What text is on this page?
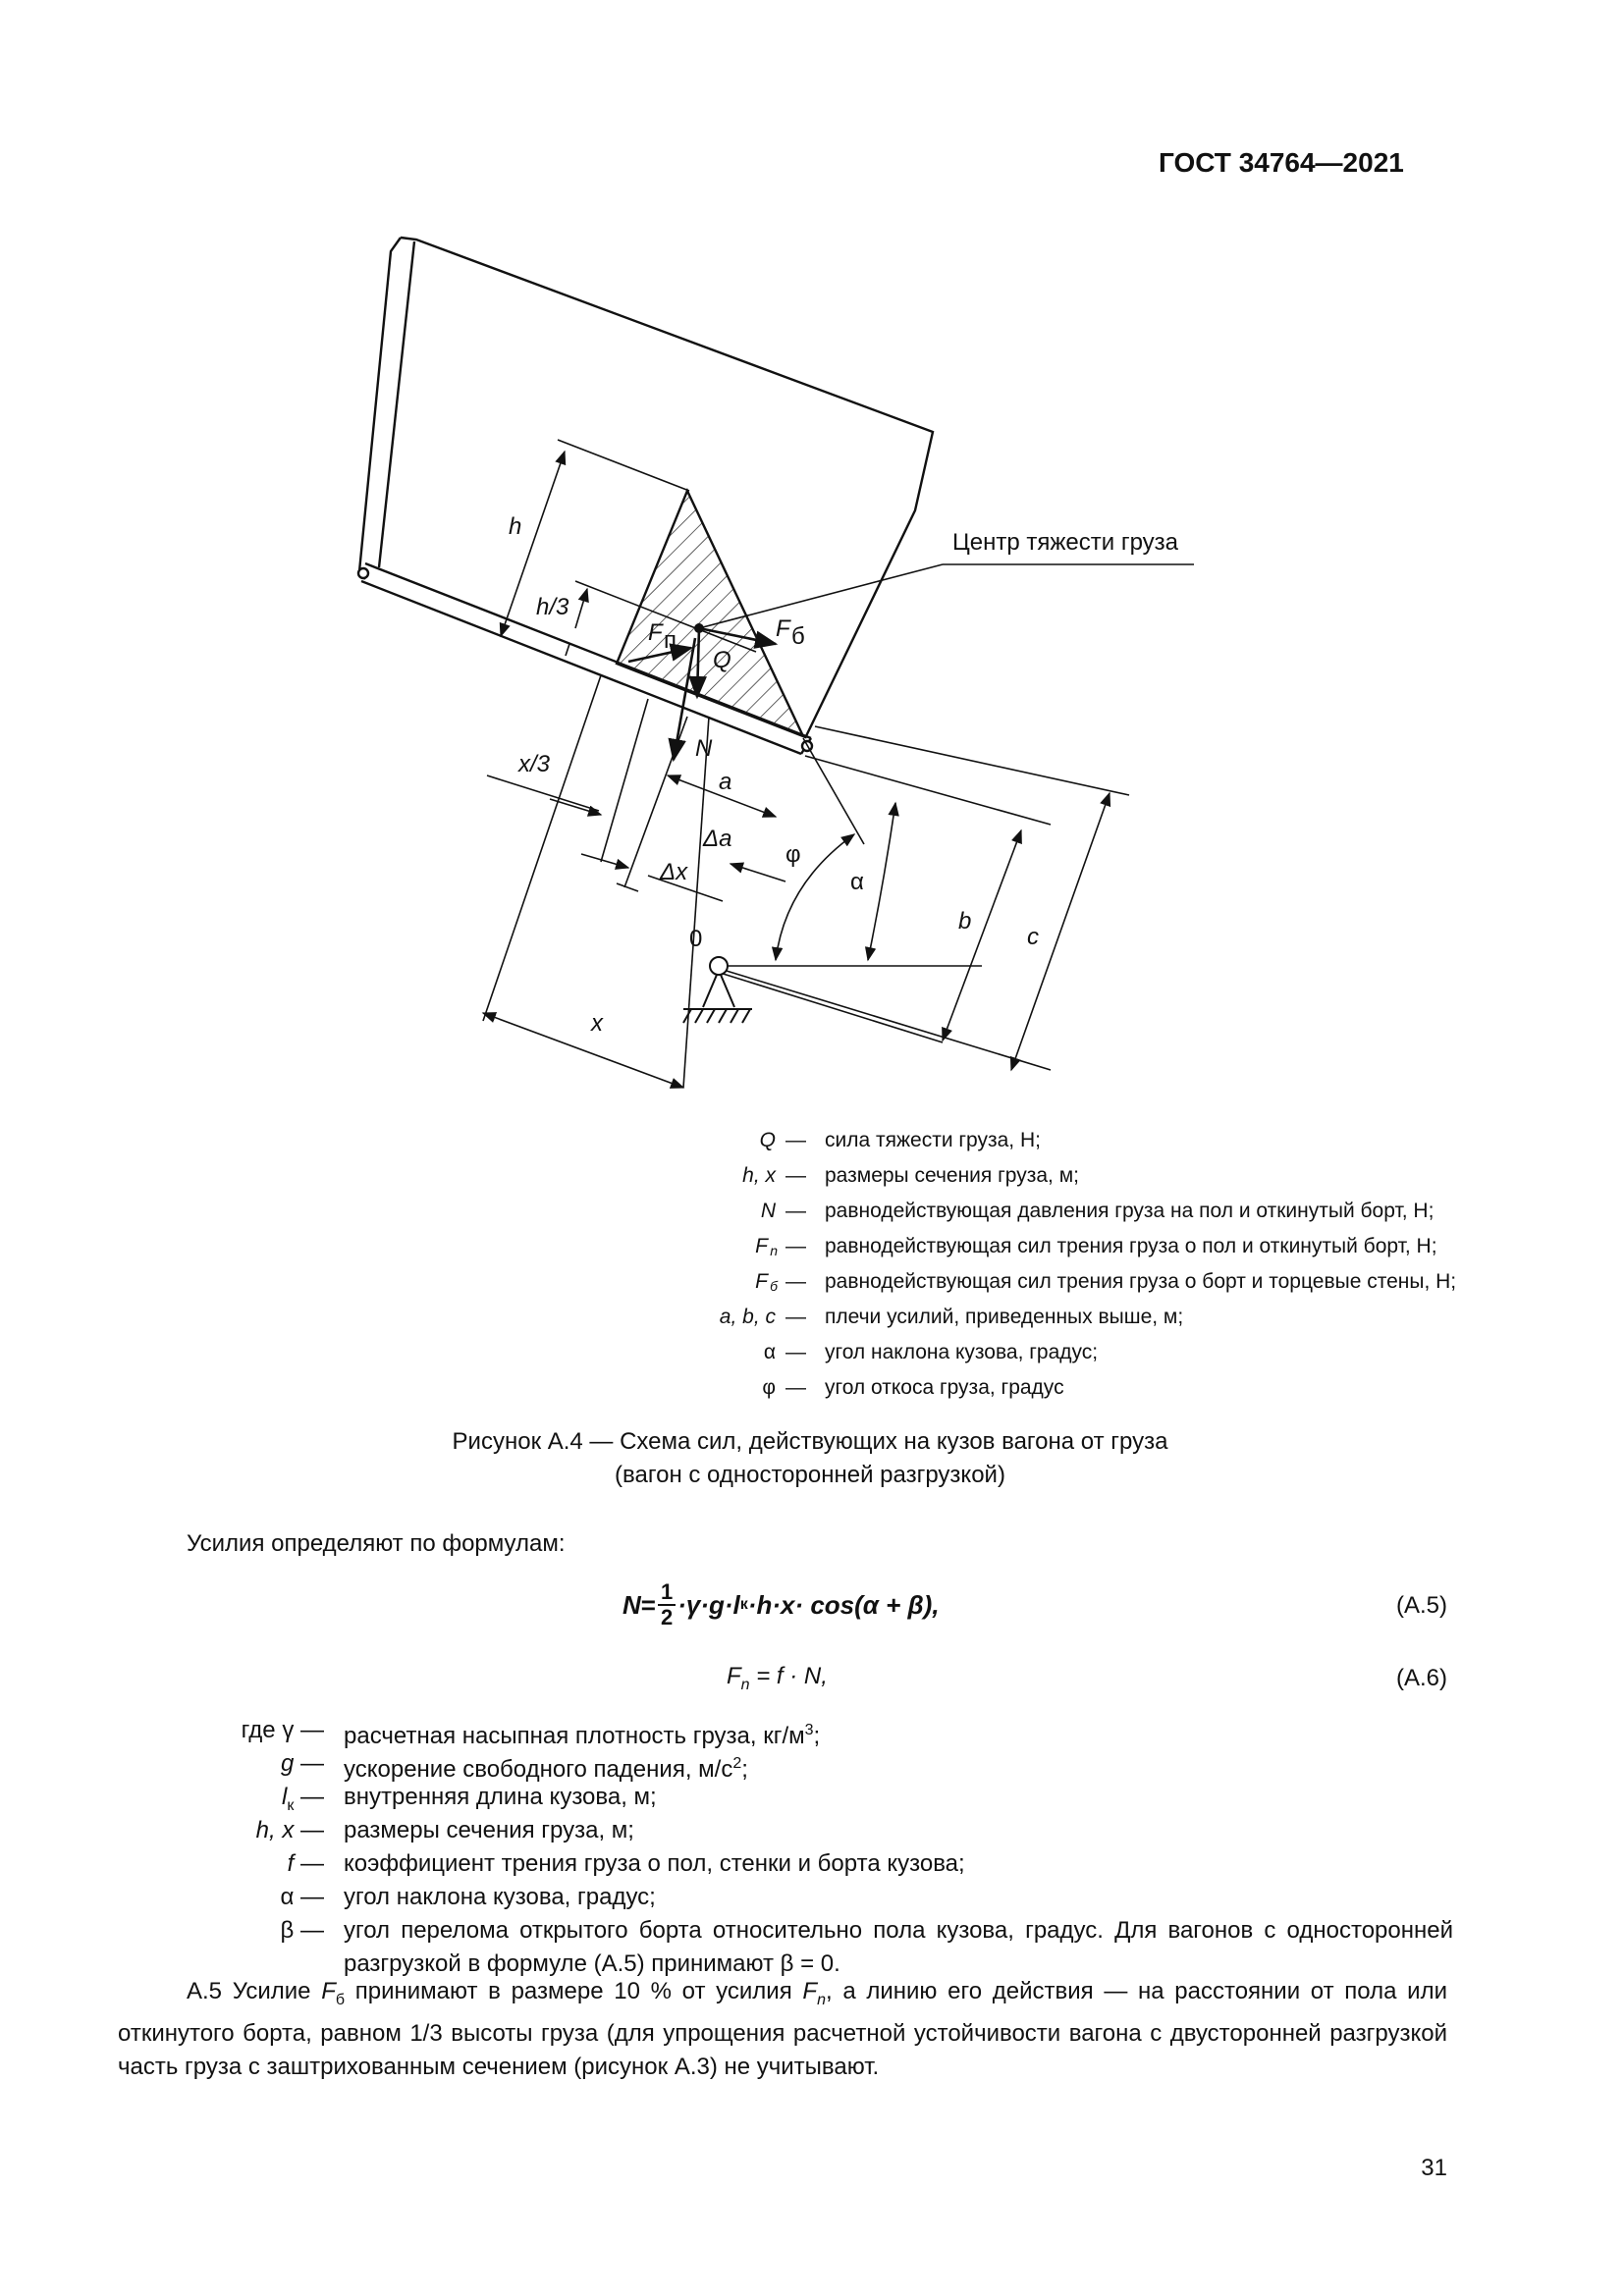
ГОСТ 34764—2021
h
h/3
F п	F б
Q
N
a
Δa
Δx
x/3
x
φ
α
b
c
0
Центр тяжести груза
Q — сила тяжести груза, Н;
h, x — размеры сечения груза, м;
N — равнодействующая давления груза на пол и откинутый борт, Н;
F n — равнодействующая сил трения груза о пол и откинутый борт, Н;
F б — равнодействующая сил трения груза о борт и торцевые стены, Н;
a, b, c — плечи усилий, приведенных выше, м;
α — угол наклона кузова, градус;
φ — угол откоса груза, градус
Рисунок А.4 — Схема сил, действующих на кузов вагона от груза
(вагон с односторонней разгрузкой)
Усилия определяют по формулам:
$N = \frac{1}{2} \cdot\gamma\cdot g\cdot l$ к ·h·x· cos(α + β),	(А.5)
$F_n = f \cdot N$,	(А.6)
где γ — расчетная насыпная плотность груза, $кг/м^3$;
g — ускорение свободного падения, $м/с^2$;
$l_к$ — внутренняя длина кузова, м;
h, x — размеры сечения груза, м;
f — коэффициент трения груза о пол, стенки и борта кузова;
α — угол наклона кузова, градус;
β — угол перелома открытого борта относительно пола кузова, градус. Для вагонов с односторонней разгрузкой в формуле (А.5) принимают β = 0.
А.5 Усилие $F_б$ принимают в размере 10 % от усилия $F_n$, а линию его действия — на расстоянии от пола или откинутого борта, равном 1/3 высоты груза (для упрощения расчетной устойчивости вагона с двусторонней разгрузкой часть груза с заштрихованным сечением (рисунок А.3) не учитывают.
31
